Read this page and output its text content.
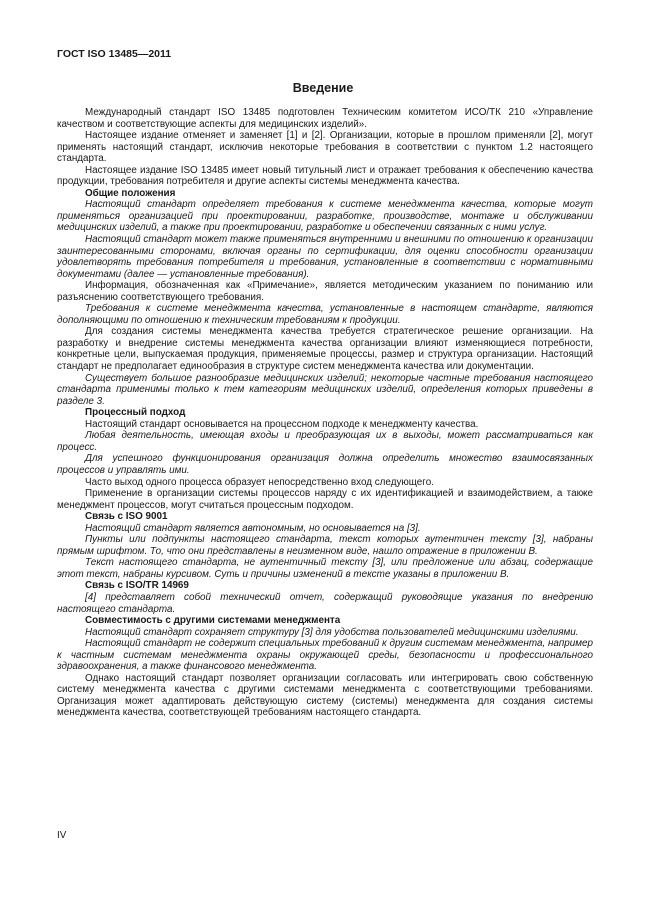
ГОСТ ISO 13485—2011
Введение

Международный стандарт ISO 13485 подготовлен Техническим комитетом ИСО/ТК 210 «Управление качеством и соответствующие аспекты для медицинских изделий».

Настоящее издание отменяет и заменяет [1] и [2]. Организации, которые в прошлом применяли [2], могут применять настоящий стандарт, исключив некоторые требования в соответствии с пунктом 1.2 настоящего стандарта.

Настоящее издание ISO 13485 имеет новый титульный лист и отражает требования к обеспечению качества продукции, требования потребителя и другие аспекты системы менеджмента качества.

Общие положения

Настоящий стандарт определяет требования к системе менеджмента качества, которые могут применяться организацией при проектировании, разработке, производстве, монтаже и обслуживании медицинских изделий, а также при проектировании, разработке и обеспечении связанных с ними услуг.

Настоящий стандарт может также применяться внутренними и внешними по отношению к организации заинтересованными сторонами, включая органы по сертификации, для оценки способности организации удовлетворять требования потребителя и требования, установленные в соответствии с нормативными документами (далее — установленные требования).

Информация, обозначенная как «Примечание», является методическим указанием по пониманию или разъяснению соответствующего требования.

Требования к системе менеджмента качества, установленные в настоящем стандарте, являются дополняющими по отношению к техническим требованиям к продукции.

Для создания системы менеджмента качества требуется стратегическое решение организации. На разработку и внедрение системы менеджмента качества организации влияют изменяющиеся потребности, конкретные цели, выпускаемая продукция, применяемые процессы, размер и структура организации. Настоящий стандарт не предполагает единообразия в структуре систем менеджмента качества или документации.

Существует большое разнообразие медицинских изделий; некоторые частные требования настоящего стандарта применимы только к тем категориям медицинских изделий, определения которых приведены в разделе 3.

Процессный подход

Настоящий стандарт основывается на процессном подходе к менеджменту качества.

Любая деятельность, имеющая входы и преобразующая их в выходы, может рассматриваться как процесс.

Для успешного функционирования организация должна определить множество взаимосвязанных процессов и управлять ими.

Часто выход одного процесса образует непосредственно вход следующего.

Применение в организации системы процессов наряду с их идентификацией и взаимодействием, а также менеджмент процессов, могут считаться процессным подходом.

Связь с ISO 9001

Настоящий стандарт является автономным, но основывается на [3].

Пункты или подпункты настоящего стандарта, текст которых аутентичен тексту [3], набраны прямым шрифтом. То, что они представлены в неизменном виде, нашло отражение в приложении В.

Текст настоящего стандарта, не аутентичный тексту [3], или предложение или абзац, содержащие этот текст, набраны курсивом. Суть и причины изменений в тексте указаны в приложении В.

Связь с ISO/TR 14969

[4] представляет собой технический отчет, содержащий руководящие указания по внедрению настоящего стандарта.

Совместимость с другими системами менеджмента

Настоящий стандарт сохраняет структуру [3] для удобства пользователей медицинскими изделиями.

Настоящий стандарт не содержит специальных требований к другим системам менеджмента, например к частным системам менеджмента охраны окружающей среды, безопасности и профессионального здравоохранения, а также финансового менеджмента.

Однако настоящий стандарт позволяет организации согласовать или интегрировать свою собственную систему менеджмента качества с другими системами менеджмента с соответствующими требованиями. Организация может адаптировать действующую систему (системы) менеджмента для создания системы менеджмента качества, соответствующей требованиям настоящего стандарта.

IV
